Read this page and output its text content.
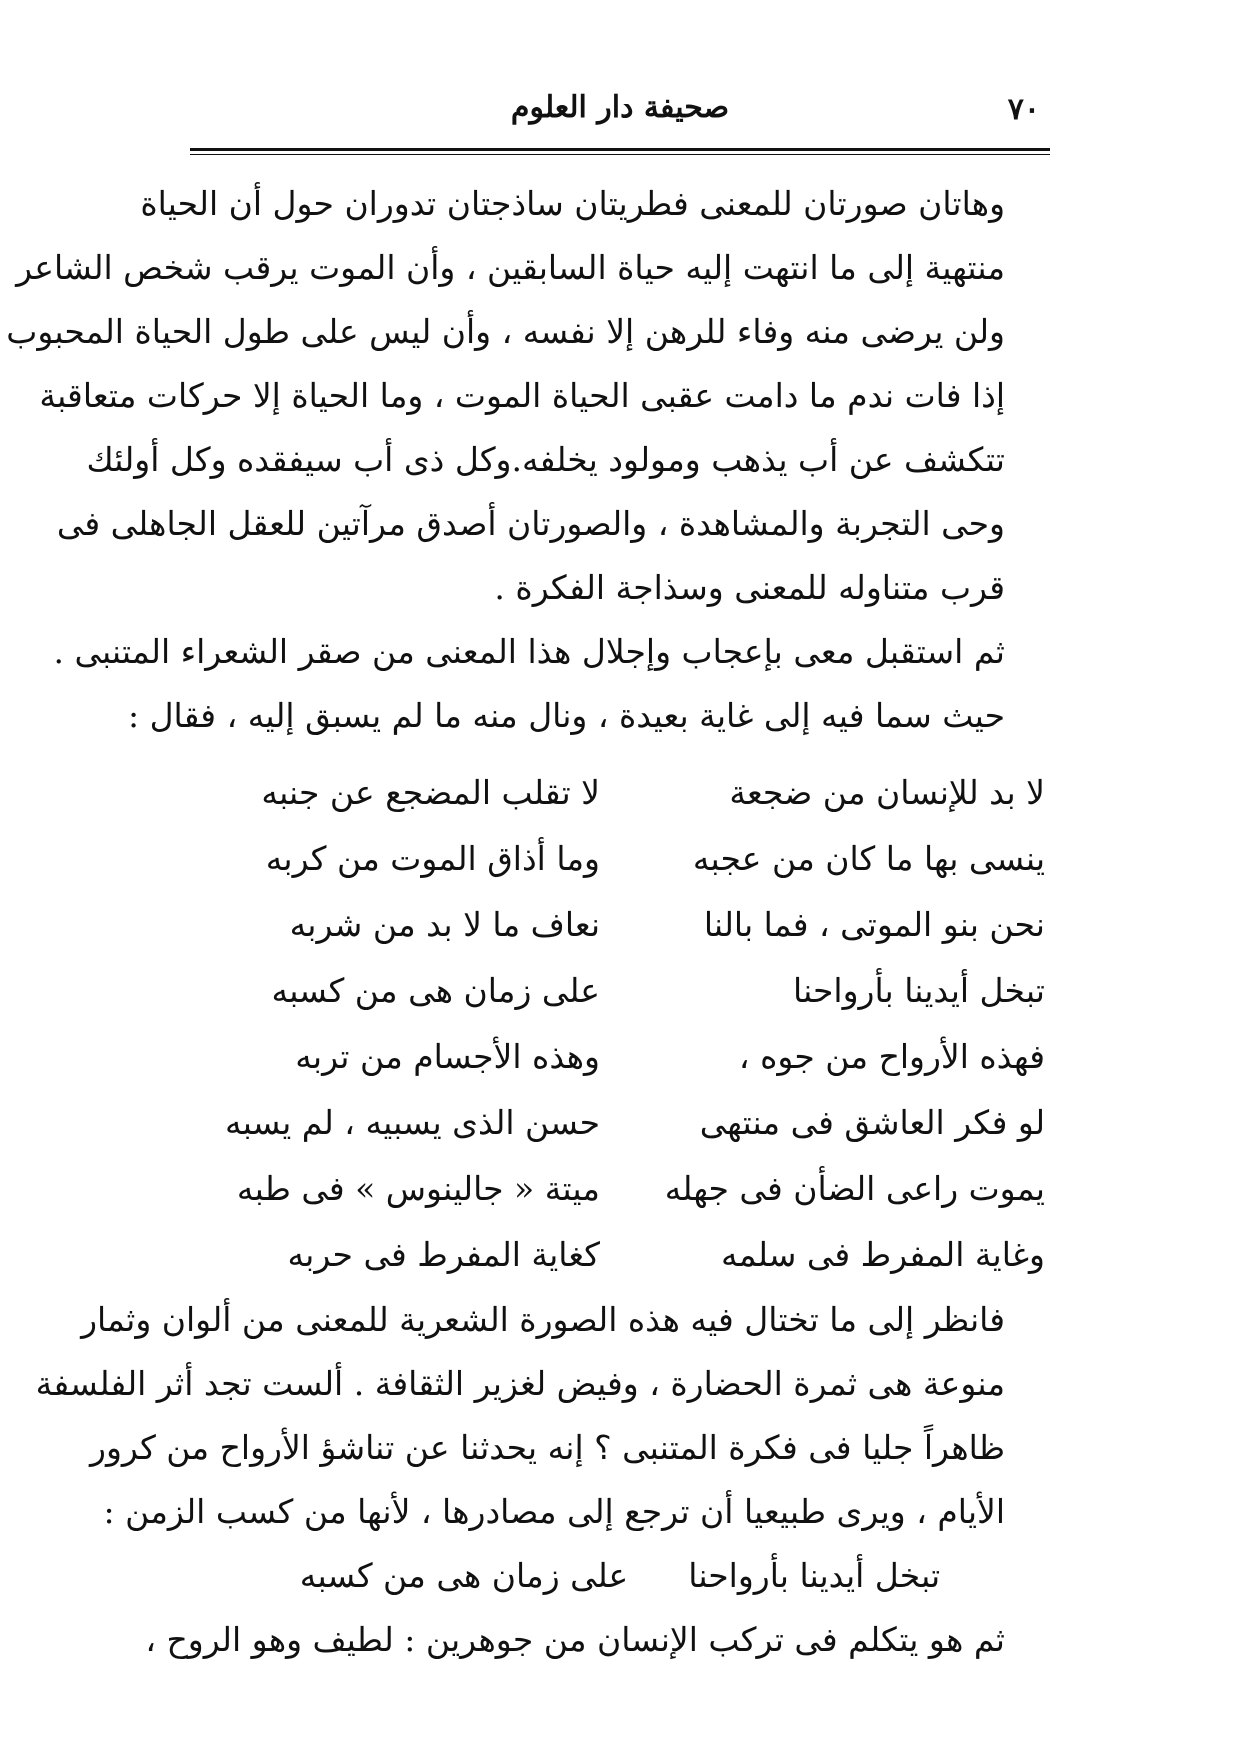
٧٠
صحيفة دار العلوم

وهاتان صورتان للمعنى فطريتان ساذجتان تدوران حول أن الحياة
منتهية إلى ما انتهت إليه حياة السابقين ، وأن الموت يرقب شخص الشاعر
ولن يرضى منه وفاء للرهن إلا نفسه ، وأن ليس على طول الحياة المحبوب
إذا فات ندم ما دامت عقبى الحياة الموت ، وما الحياة إلا حركات متعاقبة
تتكشف عن أب يذهب ومولود يخلفه.وكل ذى أب سيفقده وكل أولئك
وحى التجربة والمشاهدة ، والصورتان أصدق مرآتين للعقل الجاهلى فى
قرب متناوله للمعنى وسذاجة الفكرة .

ثم استقبل معى بإعجاب وإجلال هذا المعنى من صقر الشعراء المتنبى .
حيث سما فيه إلى غاية بعيدة ، ونال منه ما لم يسبق إليه ، فقال :

لا بد للإنسان من ضجعة
لا تقلب المضجع عن جنبه
ينسى بها ما كان من عجبه
وما أذاق الموت من كربه
نحن بنو الموتى ، فما بالنا
نعاف ما لا بد من شربه
تبخل أيدينا بأرواحنا
على زمان هى من كسبه
فهذه الأرواح من جوه ،
وهذه الأجسام من تربه
لو فكر العاشق فى منتهى
حسن الذى يسبيه ، لم يسبه
يموت راعى الضأن فى جهله
ميتة « جالينوس » فى طبه
وغاية المفرط فى سلمه
كغاية المفرط فى حربه

فانظر إلى ما تختال فيه هذه الصورة الشعرية للمعنى من ألوان وثمار
منوعة هى ثمرة الحضارة ، وفيض لغزير الثقافة . ألست تجد أثر الفلسفة
ظاهراً جليا فى فكرة المتنبى ؟ إنه يحدثنا عن تناشؤ الأرواح من كرور
الأيام ، ويرى طبيعيا أن ترجع إلى مصادرها ، لأنها من كسب الزمن :

تبخل أيدينا بأرواحنا
على زمان هى من كسبه

ثم هو يتكلم فى تركب الإنسان من جوهرين : لطيف وهو الروح ،
